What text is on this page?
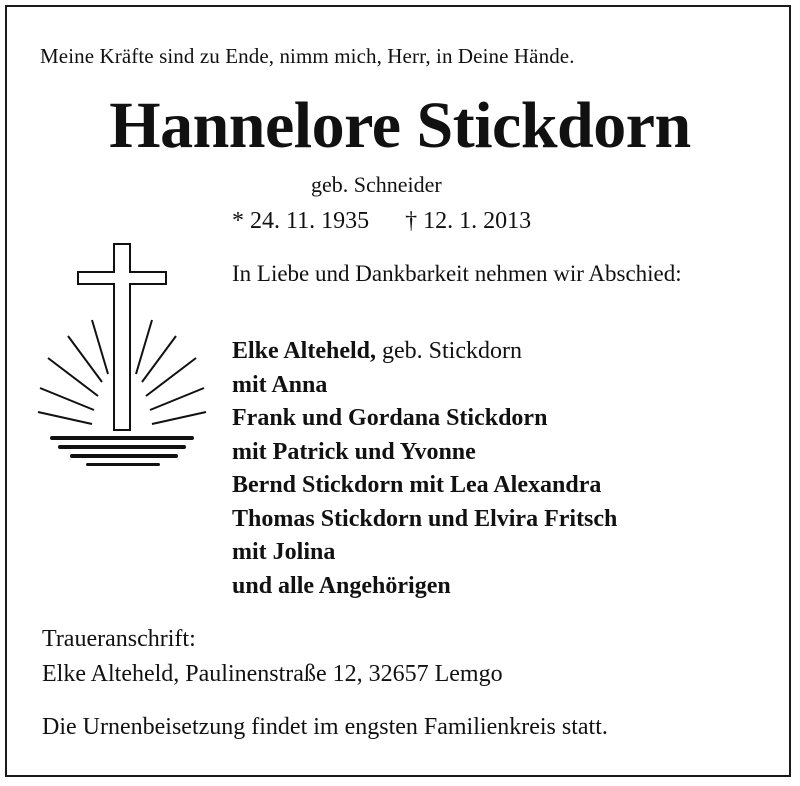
Meine Kräfte sind zu Ende, nimm mich, Herr, in Deine Hände.
Hannelore Stickdorn
geb. Schneider
* 24. 11. 1935 † 12. 1. 2013
In Liebe und Dankbarkeit nehmen wir Abschied:
Elke Alteheld, geb. Stickdorn
mit Anna
Frank und Gordana Stickdorn
mit Patrick und Yvonne
Bernd Stickdorn mit Lea Alexandra
Thomas Stickdorn und Elvira Fritsch
mit Jolina
und alle Angehörigen
Traueranschrift:
Elke Alteheld, Paulinenstraße 12, 32657 Lemgo
Die Urnenbeisetzung findet im engsten Familienkreis statt.
